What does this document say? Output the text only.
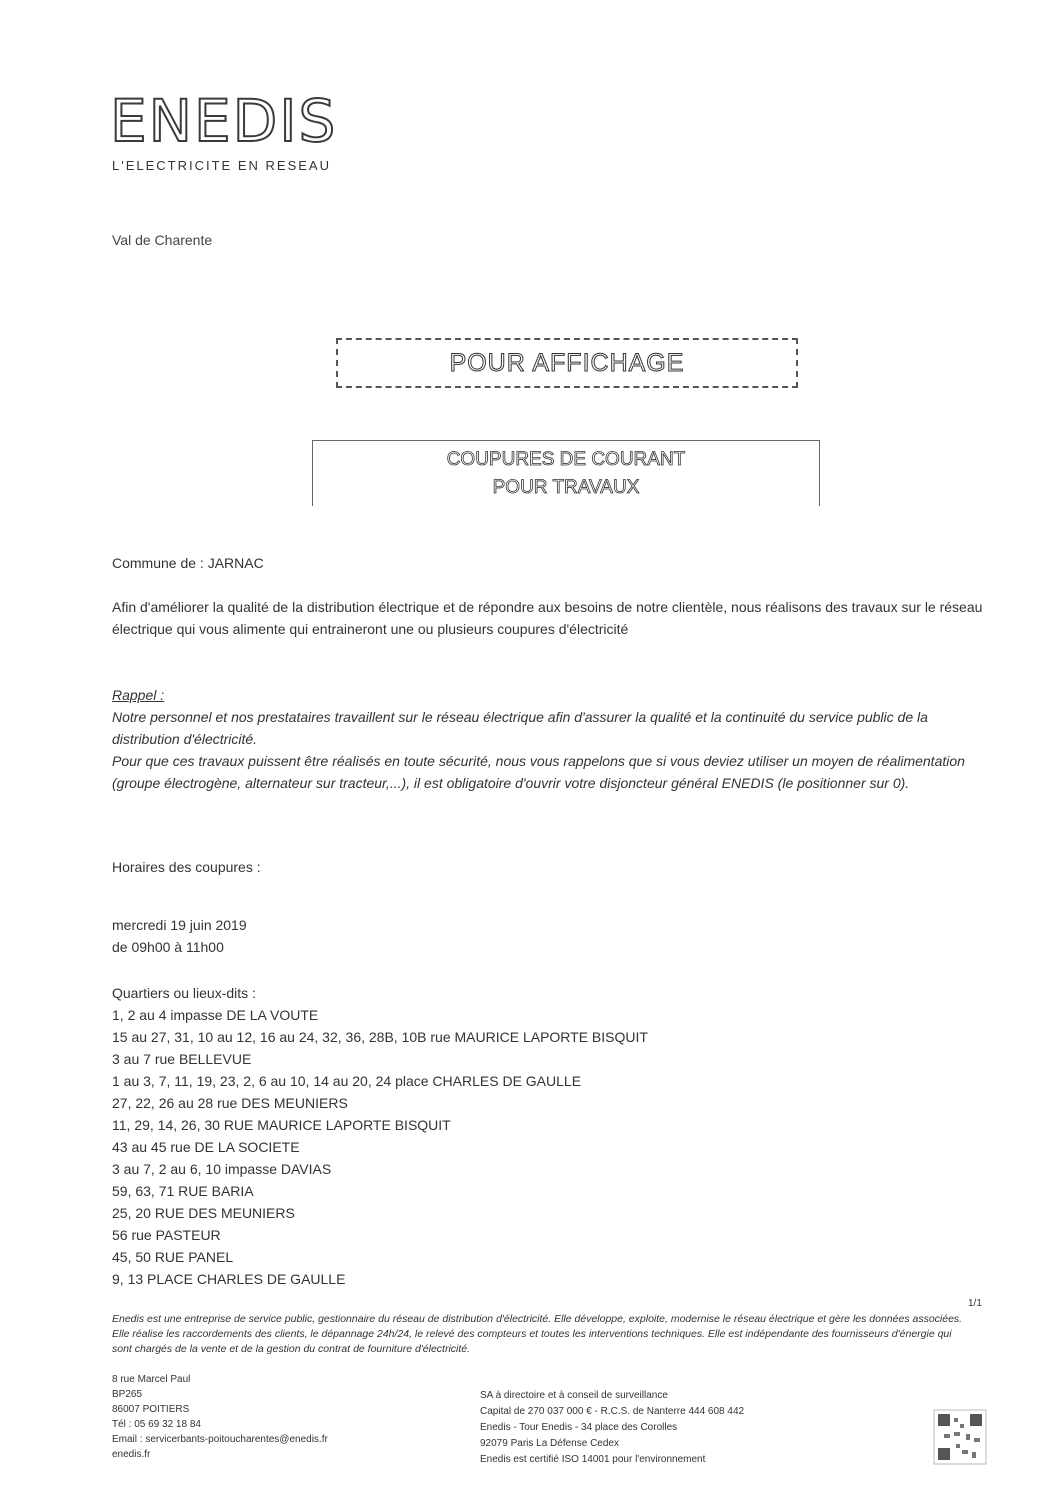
ENEDIS
L'ELECTRICITE EN RESEAU
Val de Charente
POUR AFFICHAGE
COUPURES DE COURANT
POUR TRAVAUX
Commune de : JARNAC
Afin d'améliorer la qualité de la distribution électrique et de répondre aux besoins de notre clientèle, nous réalisons des travaux sur le réseau électrique qui vous alimente qui entraineront une ou plusieurs coupures d'électricité
Rappel :
Notre personnel et nos prestataires travaillent sur le réseau électrique afin d'assurer la qualité et la continuité du service public de la distribution d'électricité.
Pour que ces travaux puissent être réalisés en toute sécurité, nous vous rappelons que si vous deviez utiliser un moyen de réalimentation (groupe électrogène, alternateur sur tracteur,...), il est obligatoire d'ouvrir votre disjoncteur général ENEDIS (le positionner sur 0).
Horaires des coupures :
mercredi 19 juin 2019
de 09h00 à 11h00
Quartiers ou lieux-dits :
1, 2 au 4 impasse DE LA VOUTE
15 au 27, 31, 10 au 12, 16 au 24, 32, 36, 28B, 10B rue MAURICE LAPORTE BISQUIT
3 au 7 rue BELLEVUE
1 au 3, 7, 11, 19, 23, 2, 6 au 10, 14 au 20, 24 place CHARLES DE GAULLE
27, 22, 26 au 28 rue DES MEUNIERS
11, 29, 14, 26, 30 RUE MAURICE LAPORTE BISQUIT
43 au 45 rue DE LA SOCIETE
3 au 7, 2 au 6, 10 impasse DAVIAS
59, 63, 71 RUE BARIA
25, 20 RUE DES MEUNIERS
56 rue PASTEUR
45, 50 RUE PANEL
9, 13 PLACE CHARLES DE GAULLE
1/1
Enedis est une entreprise de service public, gestionnaire du réseau de distribution d'électricité. Elle développe, exploite, modernise le réseau électrique et gère les données associées. Elle réalise les raccordements des clients, le dépannage 24h/24, le relevé des compteurs et toutes les interventions techniques. Elle est indépendante des fournisseurs d'énergie qui sont chargés de la vente et de la gestion du contrat de fourniture d'électricité.
8 rue Marcel Paul
BP265
86007 POITIERS
Tél : 05 69 32 18 84
Email : servicerbants-poitoucharentes@enedis.fr
enedis.fr
SA à directoire et à conseil de surveillance
Capital de 270 037 000 € - R.C.S. de Nanterre 444 608 442
Enedis - Tour Enedis - 34 place des Corolles
92079 Paris La Défense Cedex
Enedis est certifié ISO 14001 pour l'environnement
